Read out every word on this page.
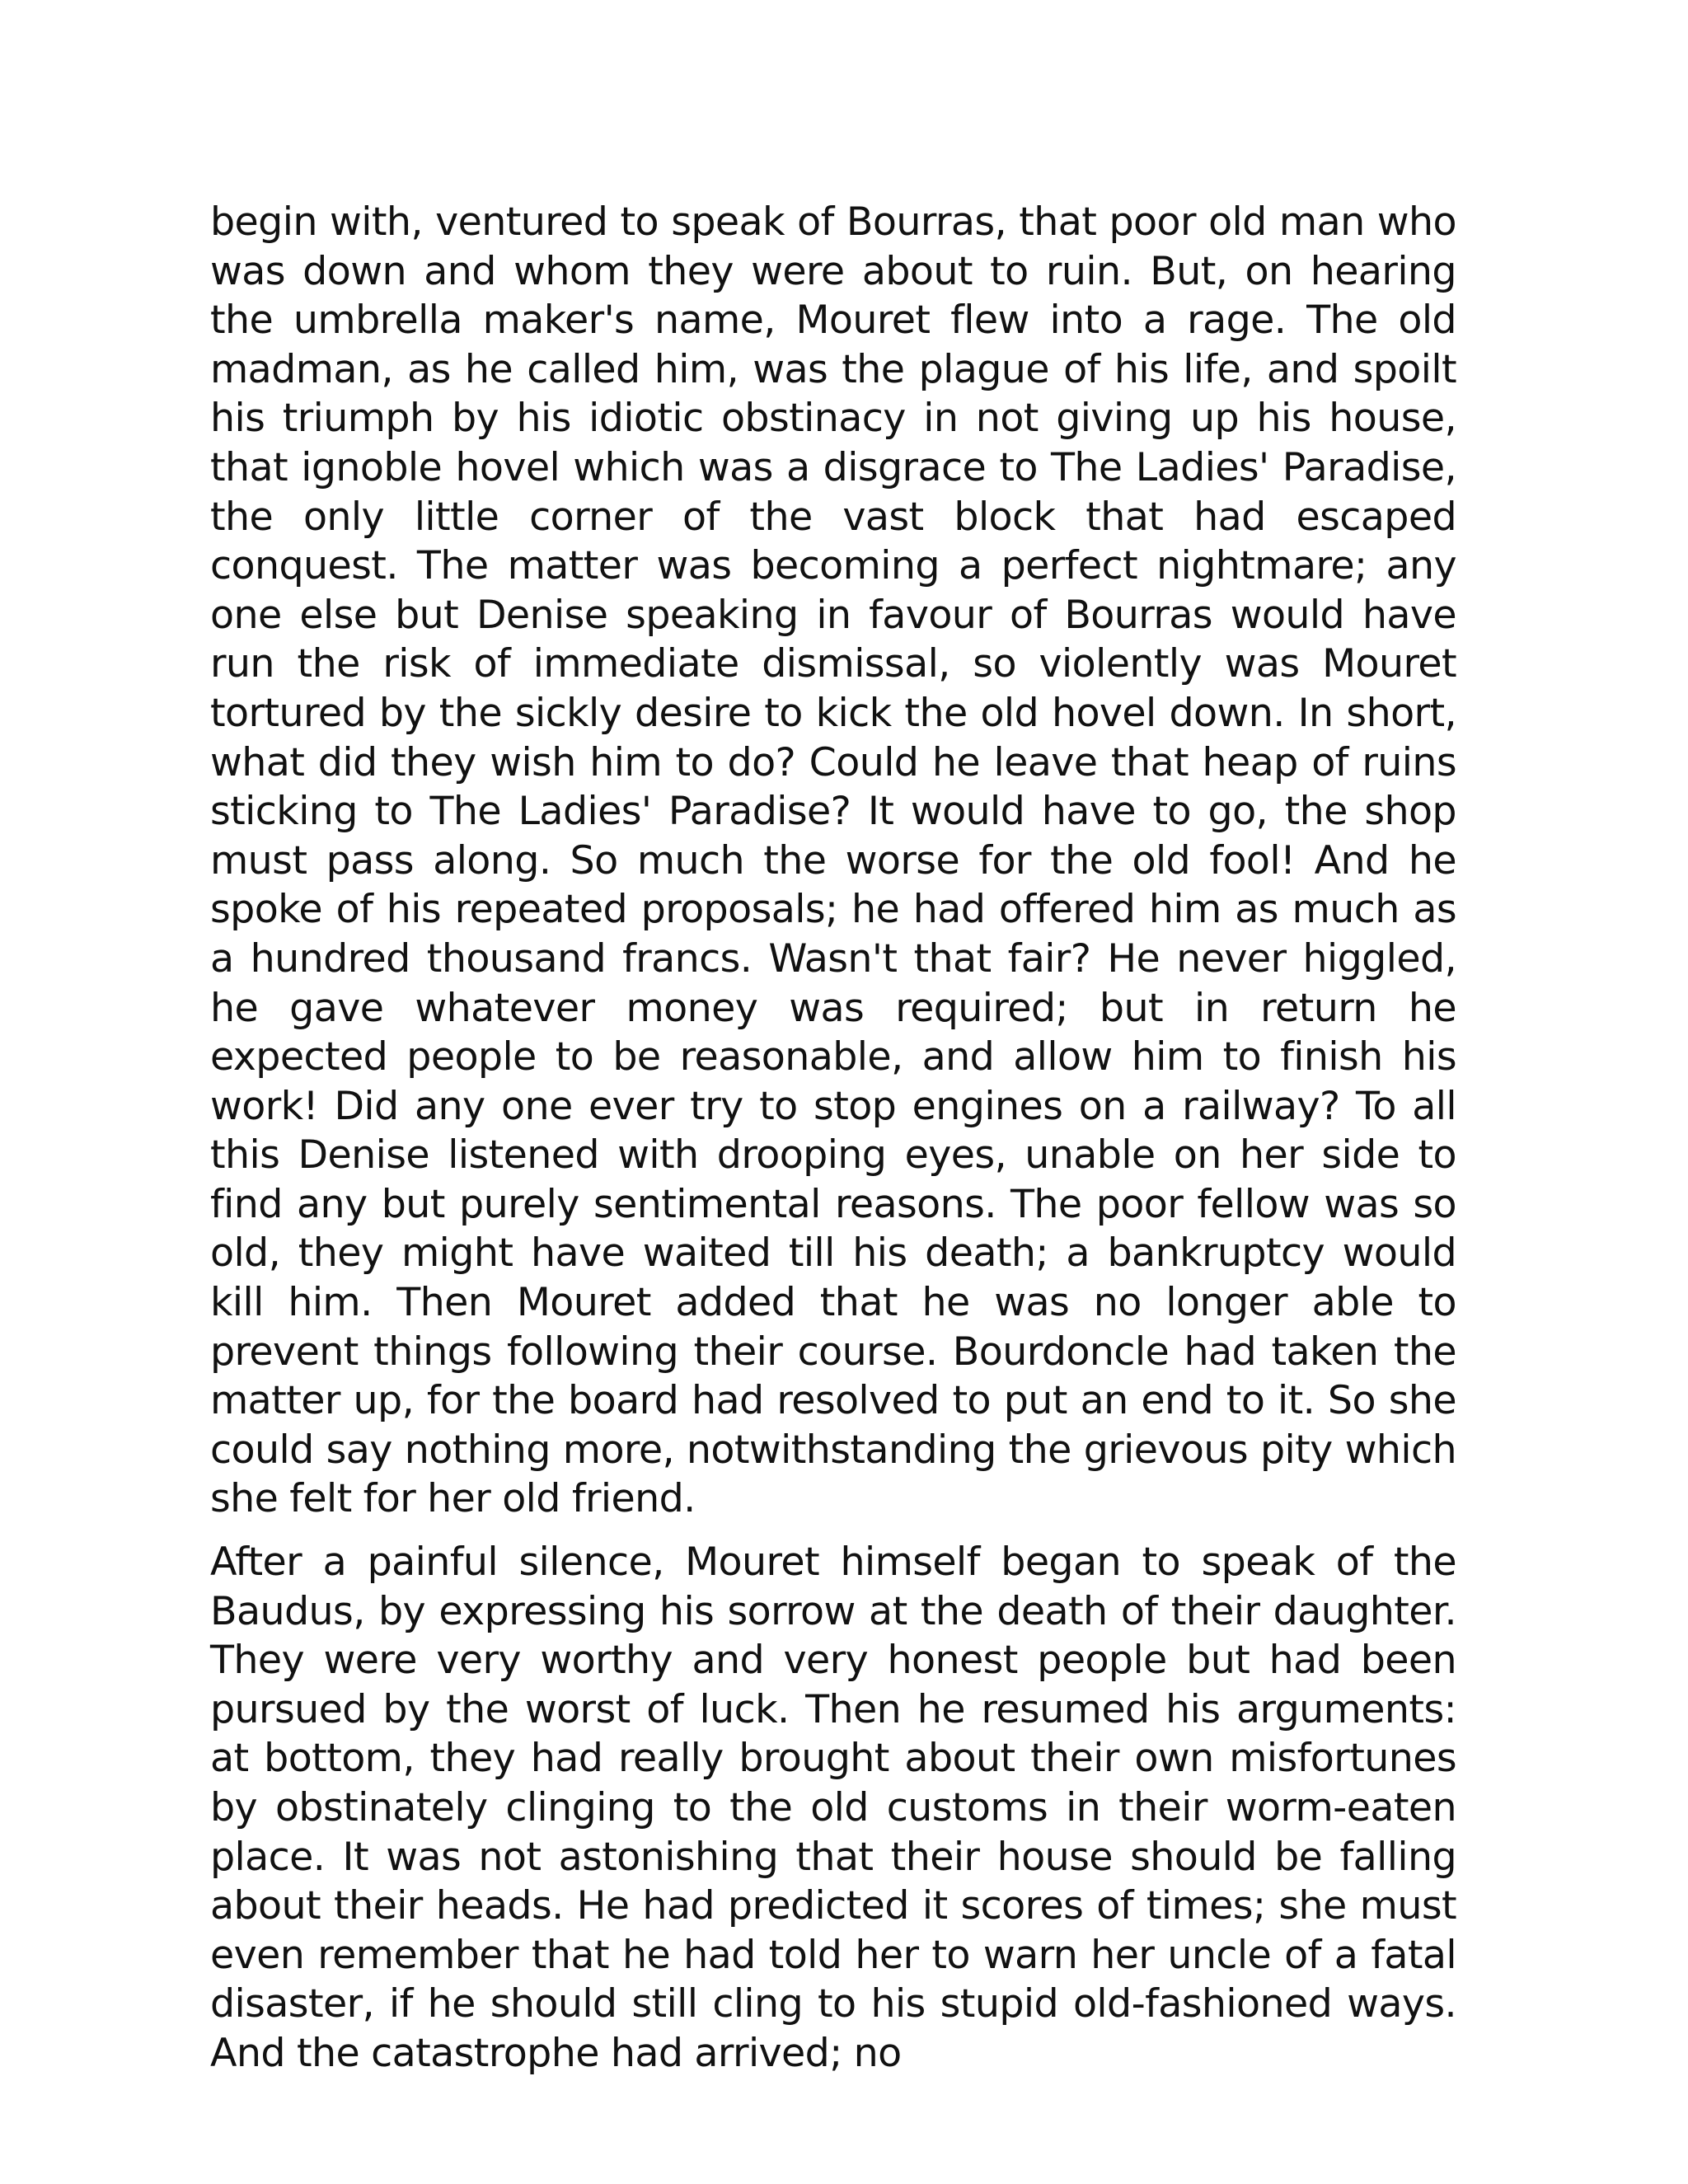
begin with, ventured to speak of Bourras, that poor old man who was down and whom they were about to ruin. But, on hearing the umbrella maker's name, Mouret flew into a rage. The old madman, as he called him, was the plague of his life, and spoilt his triumph by his idiotic obstinacy in not giving up his house, that ignoble hovel which was a disgrace to The Ladies' Paradise, the only little corner of the vast block that had escaped conquest. The matter was becoming a perfect nightmare; any one else but Denise speaking in favour of Bourras would have run the risk of immediate dismissal, so violently was Mouret tortured by the sickly desire to kick the old hovel down. In short, what did they wish him to do? Could he leave that heap of ruins sticking to The Ladies' Paradise? It would have to go, the shop must pass along. So much the worse for the old fool! And he spoke of his repeated proposals; he had offered him as much as a hundred thousand francs. Wasn't that fair? He never higgled, he gave whatever money was required; but in return he expected people to be reasonable, and allow him to finish his work! Did any one ever try to stop engines on a railway? To all this Denise listened with drooping eyes, unable on her side to find any but purely sentimental reasons. The poor fellow was so old, they might have waited till his death; a bankruptcy would kill him. Then Mouret added that he was no longer able to prevent things following their course. Bourdoncle had taken the matter up, for the board had resolved to put an end to it. So she could say nothing more, notwithstanding the grievous pity which she felt for her old friend.

After a painful silence, Mouret himself began to speak of the Baudus, by expressing his sorrow at the death of their daughter. They were very worthy and very honest people but had been pursued by the worst of luck. Then he resumed his arguments: at bottom, they had really brought about their own misfortunes by obstinately clinging to the old customs in their worm-eaten place. It was not astonishing that their house should be falling about their heads. He had predicted it scores of times; she must even remember that he had told her to warn her uncle of a fatal disaster, if he should still cling to his stupid old-fashioned ways. And the catastrophe had arrived; no
